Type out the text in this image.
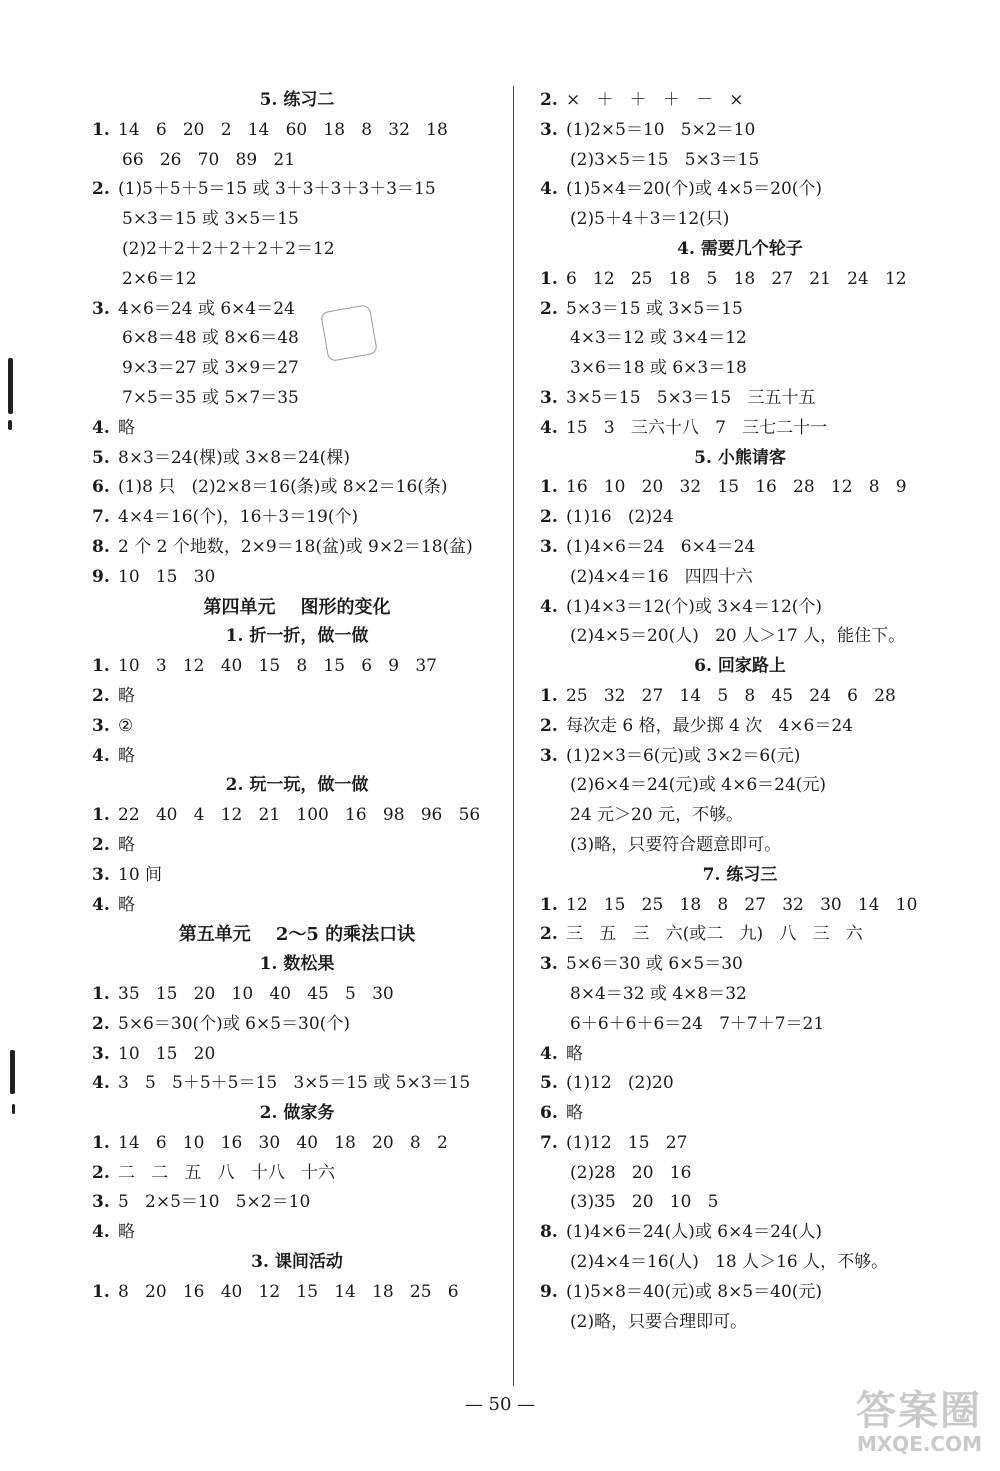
5. 练习二
1. 14   6   20   2   14   60   18   8   32   18
66   26   70   89   21
2. (1)5＋5＋5＝15 或 3＋3＋3＋3＋3＝15
5×3＝15 或 3×5＝15
(2)2＋2＋2＋2＋2＋2＝12
2×6＝12
3. 4×6＝24 或 6×4＝24
6×8＝48 或 8×6＝48
9×3＝27 或 3×9＝27
7×5＝35 或 5×7＝35
4. 略
5. 8×3＝24(棵)或 3×8＝24(棵)
6. (1)8 只   (2)2×8＝16(条)或 8×2＝16(条)
7. 4×4＝16(个)，16＋3＝19(个)
8. 2 个 2 个地数，2×9＝18(盆)或 9×2＝18(盆)
9. 10   15   30
第四单元    图形的变化
1. 折一折，做一做
1. 10   3   12   40   15   8   15   6   9   37
2. 略
3. ②
4. 略
2. 玩一玩，做一做
1. 22   40   4   12   21   100   16   98   96   56
2. 略
3. 10 间
4. 略
第五单元    2～5 的乘法口诀
1. 数松果
1. 35   15   20   10   40   45   5   30
2. 5×6＝30(个)或 6×5＝30(个)
3. 10   15   20
4. 3   5   5＋5＋5＝15   3×5＝15 或 5×3＝15
2. 做家务
1. 14   6   10   16   30   40   18   20   8   2
2. 二   二   五   八   十八   十六
3. 5   2×5＝10   5×2＝10
4. 略
3. 课间活动
1. 8   20   16   40   12   15   14   18   25   6
2. ×   ＋   ＋   ＋   －   ×
3. (1)2×5＝10   5×2＝10
(2)3×5＝15   5×3＝15
4. (1)5×4＝20(个)或 4×5＝20(个)
(2)5＋4＋3＝12(只)
4. 需要几个轮子
1. 6   12   25   18   5   18   27   21   24   12
2. 5×3＝15 或 3×5＝15
4×3＝12 或 3×4＝12
3×6＝18 或 6×3＝18
3. 3×5＝15   5×3＝15   三五十五
4. 15   3   三六十八   7   三七二十一
5. 小熊请客
1. 16   10   20   32   15   16   28   12   8   9
2. (1)16   (2)24
3. (1)4×6＝24   6×4＝24
(2)4×4＝16   四四十六
4. (1)4×3＝12(个)或 3×4＝12(个)
(2)4×5＝20(人)   20 人＞17 人，能住下。
6. 回家路上
1. 25   32   27   14   5   8   45   24   6   28
2. 每次走 6 格，最少掷 4 次   4×6＝24
3. (1)2×3＝6(元)或 3×2＝6(元)
(2)6×4＝24(元)或 4×6＝24(元)
24 元＞20 元，不够。
(3)略，只要符合题意即可。
7. 练习三
1. 12   15   25   18   8   27   32   30   14   10
2. 三   五   三   六(或二   九)   八   三   六
3. 5×6＝30 或 6×5＝30
8×4＝32 或 4×8＝32
6＋6＋6＋6＝24   7＋7＋7＝21
4. 略
5. (1)12   (2)20
6. 略
7. (1)12   15   27
(2)28   20   16
(3)35   20   10   5
8. (1)4×6＝24(人)或 6×4＝24(人)
(2)4×4＝16(人)   18 人＞16 人，不够。
9. (1)5×8＝40(元)或 8×5＝40(元)
(2)略，只要合理即可。
— 50 —	答案圈
MXQE.COM
